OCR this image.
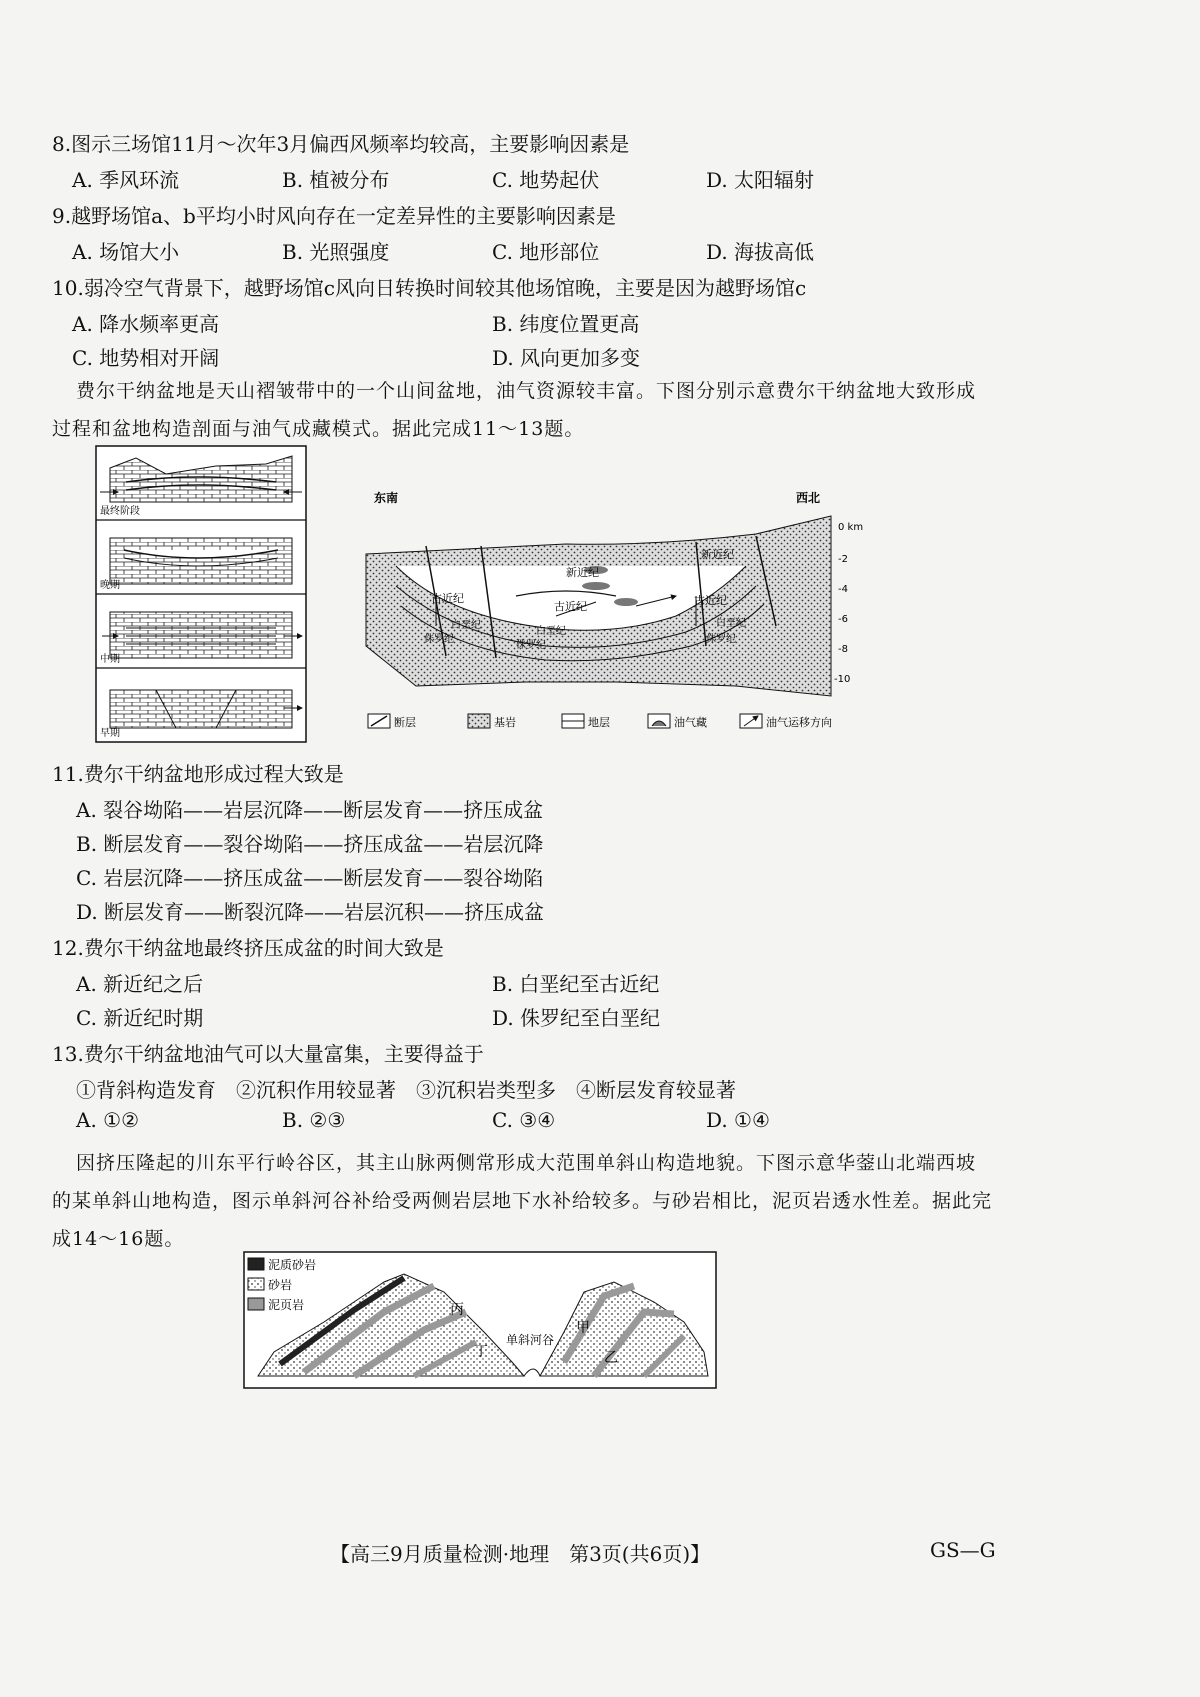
8.图示三场馆11月～次年3月偏西风频率均较高，主要影响因素是
A. 季风环流	B. 植被分布	C. 地势起伏	D. 太阳辐射
9.越野场馆a、b平均小时风向存在一定差异性的主要影响因素是
A. 场馆大小	B. 光照强度	C. 地形部位	D. 海拔高低
10.弱冷空气背景下，越野场馆c风向日转换时间较其他场馆晚，主要是因为越野场馆c
A. 降水频率更高	B. 纬度位置更高
C. 地势相对开阔	D. 风向更加多变
费尔干纳盆地是天山褶皱带中的一个山间盆地，油气资源较丰富。下图分别示意费尔干纳盆地大致形成过程和盆地构造剖面与油气成藏模式。据此完成11～13题。
最终阶段
晚期
中期
早期
东南	西北
0 km
-2
-4
-6
-8
-10
新近纪
古近纪
古近纪	古近纪
新近纪
白垩纪
侏罗纪
白垩纪
侏罗纪
白垩纪
侏罗纪
断层	基岩	地层	油气藏	油气运移方向
11.费尔干纳盆地形成过程大致是
A. 裂谷坳陷——岩层沉降——断层发育——挤压成盆
B. 断层发育——裂谷坳陷——挤压成盆——岩层沉降
C. 岩层沉降——挤压成盆——断层发育——裂谷坳陷
D. 断层发育——断裂沉降——岩层沉积——挤压成盆
12.费尔干纳盆地最终挤压成盆的时间大致是
A. 新近纪之后	B. 白垩纪至古近纪
C. 新近纪时期	D. 侏罗纪至白垩纪
13.费尔干纳盆地油气可以大量富集，主要得益于
①背斜构造发育　②沉积作用较显著　③沉积岩类型多　④断层发育较显著
A. ①②	B. ②③	C. ③④	D. ①④
因挤压隆起的川东平行岭谷区，其主山脉两侧常形成大范围单斜山构造地貌。下图示意华蓥山北端西坡的某单斜山地构造，图示单斜河谷补给受两侧岩层地下水补给较多。与砂岩相比，泥页岩透水性差。据此完成14～16题。
泥质砂岩
砂岩
泥页岩	丙
丁
甲
乙
单斜河谷
【高三9月质量检测·地理　第3页(共6页)】	GS—G
